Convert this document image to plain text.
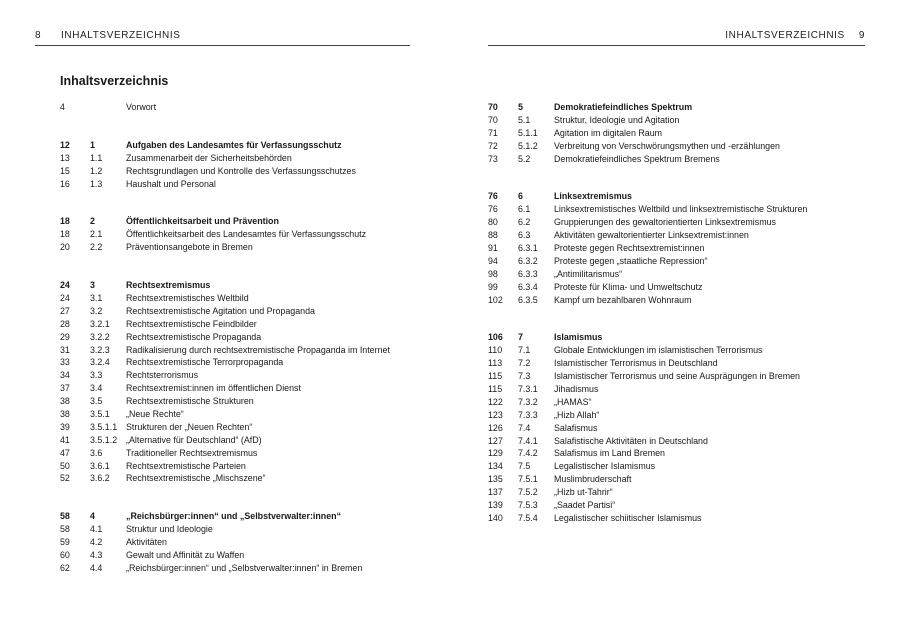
8 INHALTSVERZEICHNIS	INHALTSVERZEICHNIS 9
Inhaltsverzeichnis
4	Vorwort
12	1	Aufgaben des Landesamtes für Verfassungsschutz
13	1.1	Zusammenarbeit der Sicherheitsbehörden
15	1.2	Rechtsgrundlagen und Kontrolle des Verfassungsschutzes
16	1.3	Haushalt und Personal
18	2	Öffentlichkeitsarbeit und Prävention
18	2.1	Öffentlichkeitsarbeit des Landesamtes für Verfassungsschutz
20	2.2	Präventionsangebote in Bremen
24	3	Rechtsextremismus
24	3.1	Rechtsextremistisches Weltbild
27	3.2	Rechtsextremistische Agitation und Propaganda
28	3.2.1	Rechtsextremistische Feindbilder
29	3.2.2	Rechtsextremistische Propaganda
31	3.2.3	Radikalisierung durch rechtsextremistische Propaganda im Internet
33	3.2.4	Rechtsextremistische Terrorpropaganda
34	3.3	Rechtsterrorismus
37	3.4	Rechtsextremist:innen im öffentlichen Dienst
38	3.5	Rechtsextremistische Strukturen
38	3.5.1	„Neue Rechte“
39	3.5.1.1 Strukturen der „Neuen Rechten“
41	3.5.1.2 „Alternative für Deutschland“ (AfD)
47	3.6	Traditioneller Rechtsextremismus
50	3.6.1	Rechtsextremistische Parteien
52	3.6.2	Rechtsextremistische „Mischszene“
58	4	„Reichsbürger:innen“ und „Selbstverwalter:innen“
58	4.1	Struktur und Ideologie
59	4.2	Aktivitäten
60	4.3	Gewalt und Affinität zu Waffen
62	4.4	„Reichsbürger:innen“ und „Selbstverwalter:innen“ in Bremen
70	5	Demokratiefeindliches Spektrum
70	5.1	Struktur, Ideologie und Agitation
71	5.1.1	Agitation im digitalen Raum
72	5.1.2	Verbreitung von Verschwörungsmythen und -erzählungen
73	5.2	Demokratiefeindliches Spektrum Bremens
76	6	Linksextremismus
76	6.1	Linksextremistisches Weltbild und linksextremistische Strukturen
80	6.2	Gruppierungen des gewaltorientierten Linksextremismus
88	6.3	Aktivitäten gewaltorientierter Linksextremist:innen
91	6.3.1	Proteste gegen Rechtsextremist:innen
94	6.3.2	Proteste gegen „staatliche Repression“
98	6.3.3	„Antimilitarismus“
99	6.3.4	Proteste für Klima- und Umweltschutz
102	6.3.5	Kampf um bezahlbaren Wohnraum
106	7	Islamismus
110	7.1	Globale Entwicklungen im islamistischen Terrorismus
113	7.2	Islamistischer Terrorismus in Deutschland
115	7.3	Islamistischer Terrorismus und seine Ausprägungen in Bremen
115	7.3.1	Jihadismus
122	7.3.2	„HAMAS“
123	7.3.3	„Hizb Allah“
126	7.4	Salafismus
127	7.4.1	Salafistische Aktivitäten in Deutschland
129	7.4.2	Salafismus im Land Bremen
134	7.5	Legalistischer Islamismus
135	7.5.1	Muslimbruderschaft
137	7.5.2	„Hizb ut-Tahrir“
139	7.5.3	„Saadet Partisi“
140	7.5.4	Legalistischer schiitischer Islamismus
